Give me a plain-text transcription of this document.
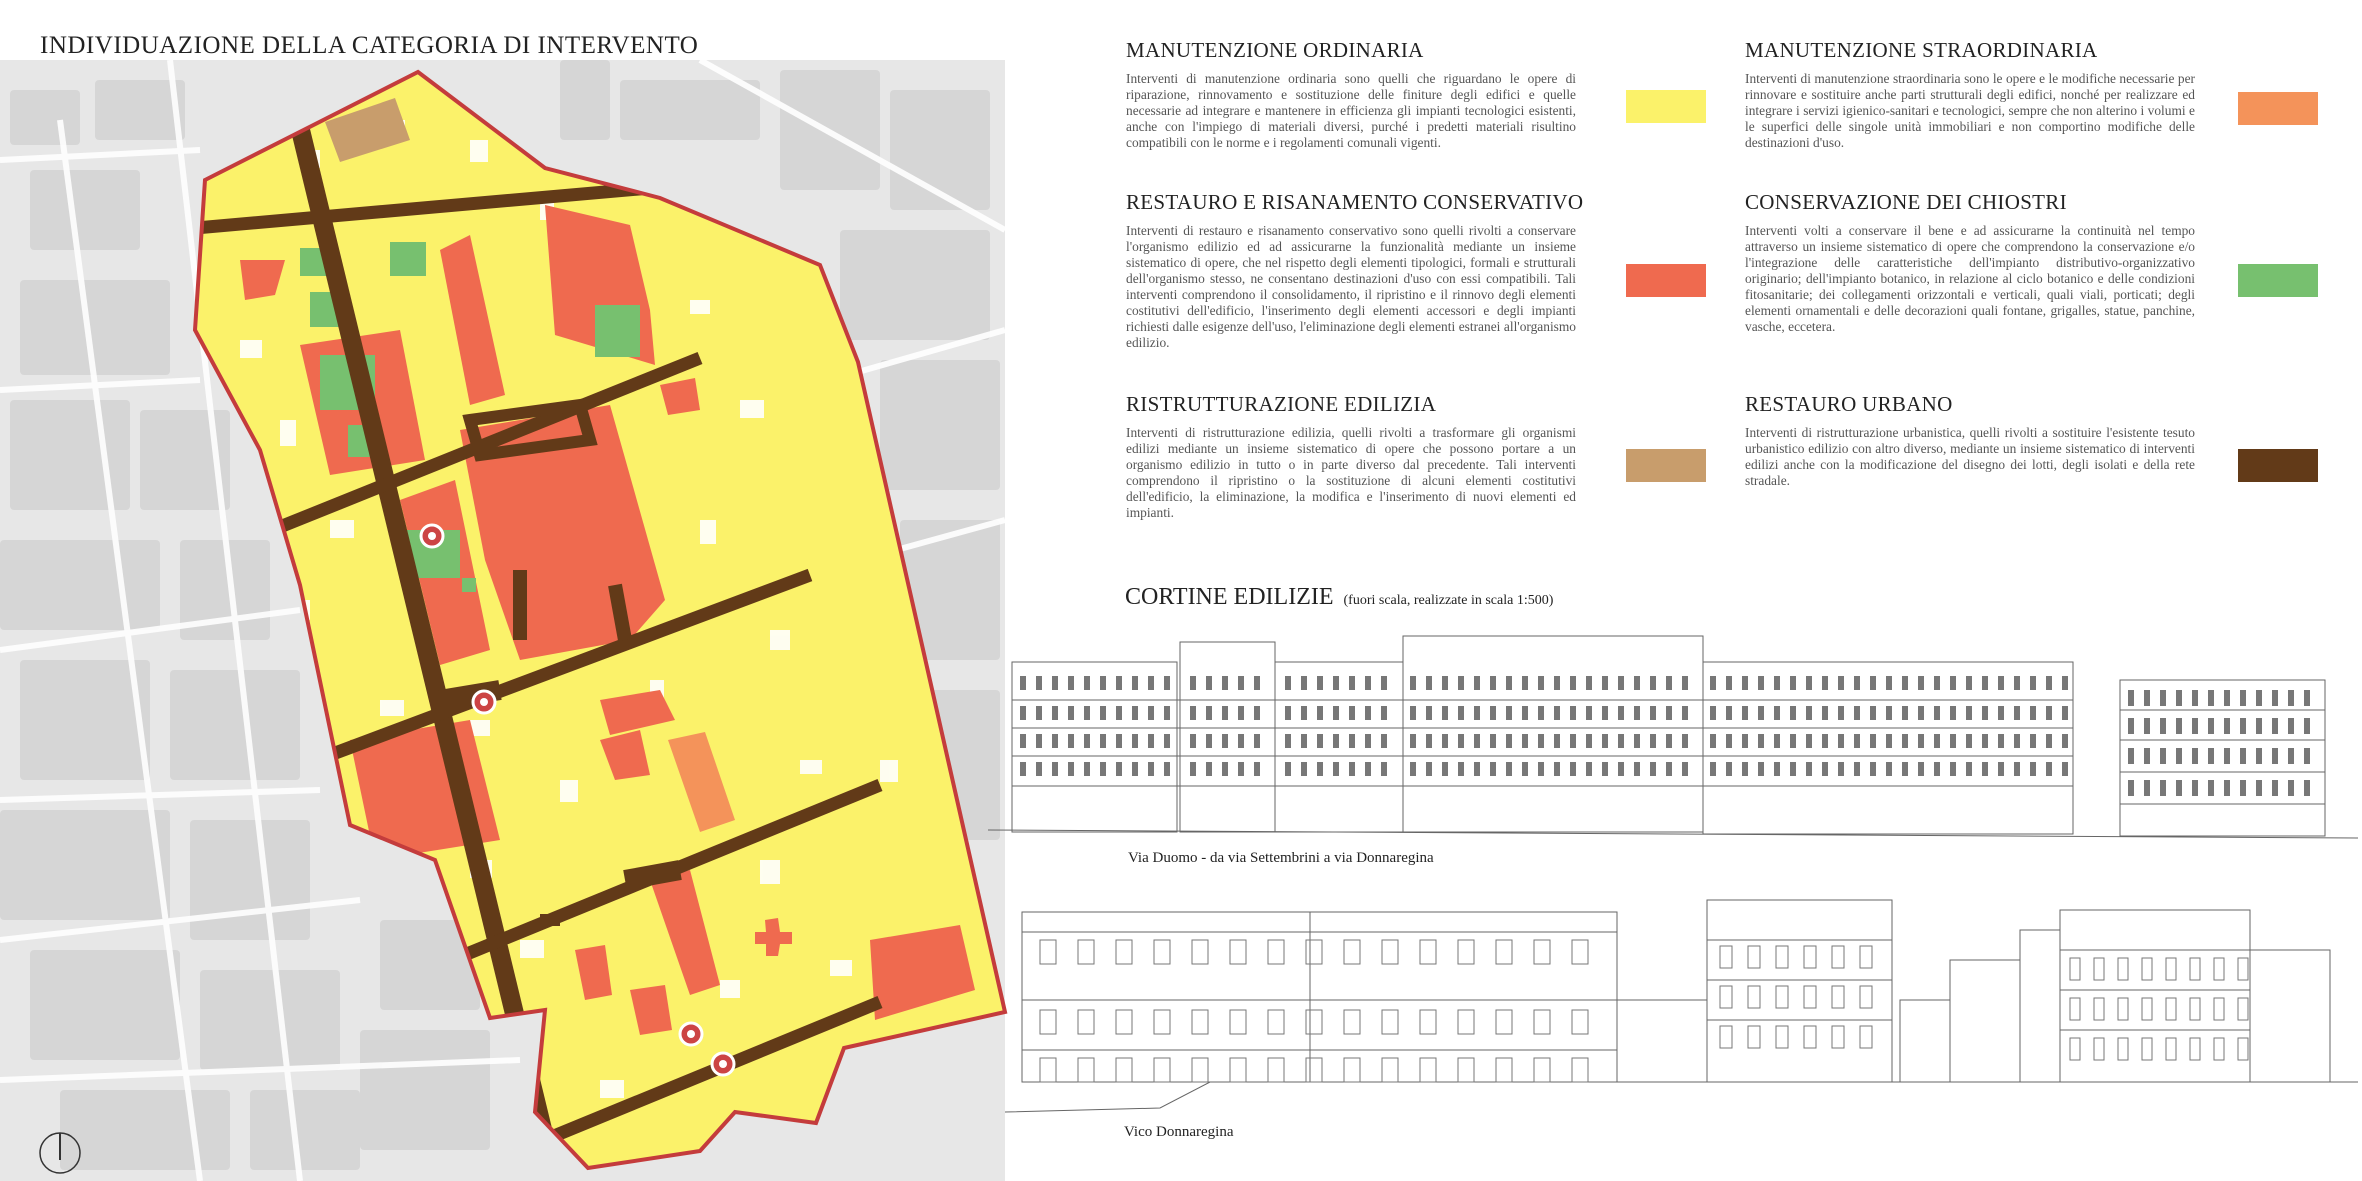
INDIVIDUAZIONE DELLA CATEGORIA DI INTERVENTO	MANUTENZIONE ORDINARIA

Interventi di manutenzione ordinaria sono quelli che riguardano le opere di riparazione, rinnovamento e sostituzione delle finiture degli edifici e quelle necessarie ad integrare e mantenere in efficienza gli impianti tecnologici esistenti, anche con l'impiego di materiali diversi, purché i predetti materiali risultino compatibili con le norme e i regolamenti comunali vigenti.

MANUTENZIONE STRAORDINARIA

Interventi di manutenzione straordinaria sono le opere e le modifiche necessarie per rinnovare e sostituire anche parti strutturali degli edifici, nonché per realizzare ed integrare i servizi igienico-sanitari e tecnologici, sempre che non alterino i volumi e le superfici delle singole unità immobiliari e non comportino modifiche delle destinazioni d'uso.

RESTAURO E RISANAMENTO CONSERVATIVO

Interventi di restauro e risanamento conservativo sono quelli rivolti a conservare l'organismo edilizio ed ad assicurarne la funzionalità mediante un insieme sistematico di opere, che nel rispetto degli elementi tipologici, formali e strutturali dell'organismo stesso, ne consentano destinazioni d'uso con essi compatibili. Tali interventi comprendono il consolidamento, il ripristino e il rinnovo degli elementi costitutivi dell'edificio, l'inserimento degli elementi accessori e degli impianti richiesti dalle esigenze dell'uso, l'eliminazione degli elementi estranei all'organismo edilizio.

CONSERVAZIONE DEI CHIOSTRI

Interventi volti a conservare il bene e ad assicurarne la continuità nel tempo attraverso un insieme sistematico di opere che comprendono la conservazione e/o l'integrazione delle caratteristiche dell'impianto distributivo-organizzativo originario; dell'impianto botanico, in relazione al ciclo botanico e delle condizioni fitosanitarie; dei collegamenti orizzontali e verticali, quali viali, porticati; degli elementi ornamentali e delle decorazioni quali fontane, grigalles, statue, panchine, vasche, eccetera.

RISTRUTTURAZIONE EDILIZIA

Interventi di ristrutturazione edilizia, quelli rivolti a trasformare gli organismi edilizi mediante un insieme sistematico di opere che possono portare a un organismo edilizio in tutto o in parte diverso dal precedente. Tali interventi comprendono il ripristino o la sostituzione di alcuni elementi costitutivi dell'edificio, la eliminazione, la modifica e l'inserimento di nuovi elementi ed impianti.

RESTAURO URBANO

Interventi di ristrutturazione urbanistica, quelli rivolti a sostituire l'esistente tesuto urbanistico edilizio con altro diverso, mediante un insieme sistematico di interventi edilizi anche con la modificazione del disegno dei lotti, degli isolati e della rete stradale.

CORTINE EDILIZIE (fuori scala, realizzate in scala 1:500)
Via Duomo - da via Settembrini a via Donnaregina
Vico Donnaregina
